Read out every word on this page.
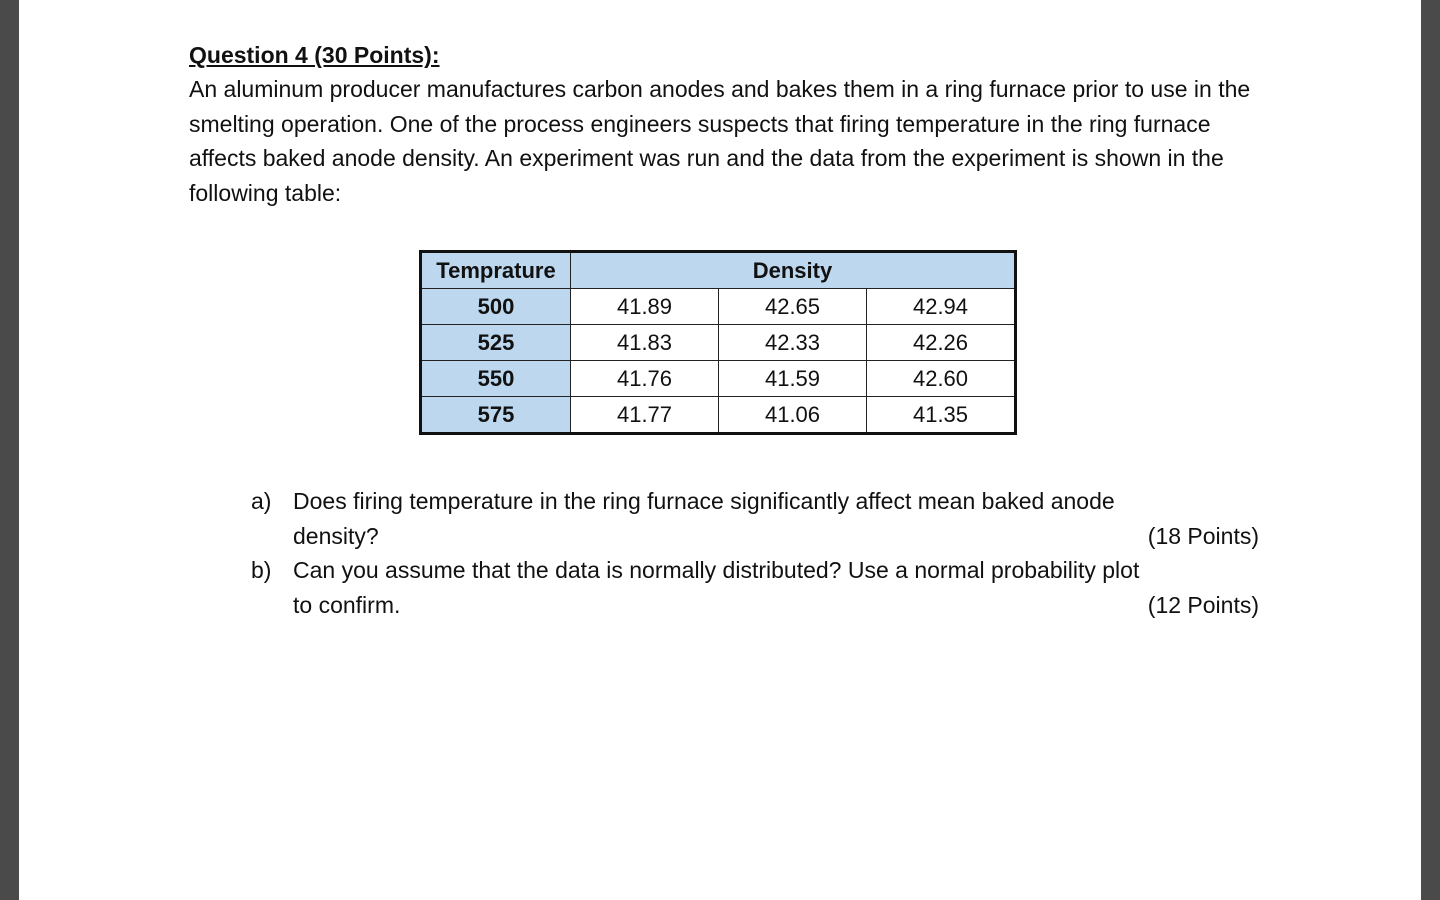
Question 4 (30 Points):

An aluminum producer manufactures carbon anodes and bakes them in a ring furnace prior to use in the smelting operation. One of the process engineers suspects that firing temperature in the ring furnace affects baked anode density. An experiment was run and the data from the experiment is shown in the following table:

Temprature	Density		
500	41.89	42.65	42.94
525	41.83	42.33	42.26
550	41.76	41.59	42.60
575	41.77	41.06	41.35
a) Does firing temperature in the ring furnace significantly affect mean baked anode
density?	(18 Points)
b) Can you assume that the data is normally distributed? Use a normal probability plot
to confirm.	(12 Points)
